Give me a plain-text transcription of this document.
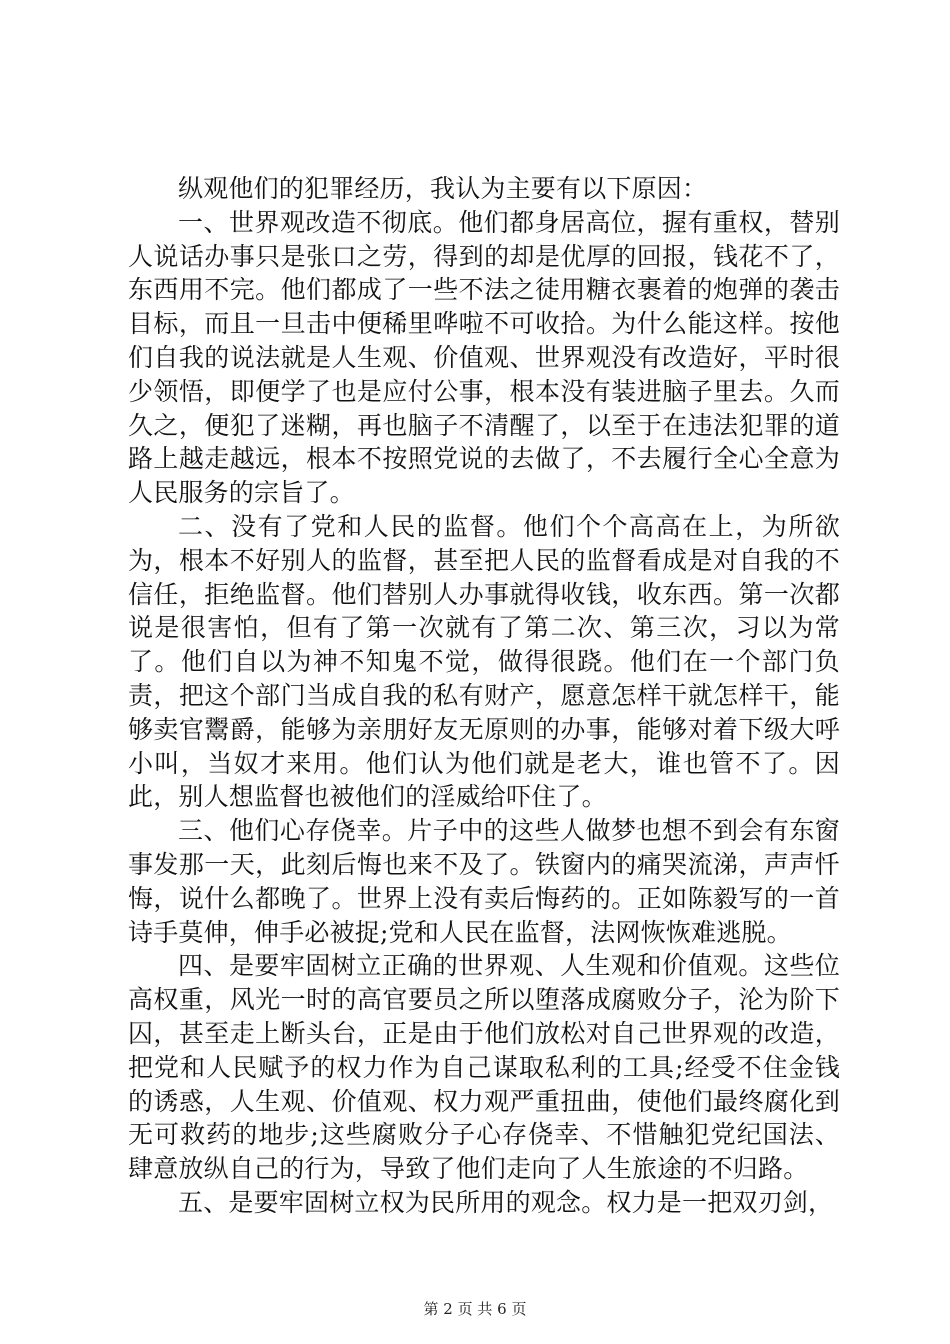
纵观他们的犯罪经历，我认为主要有以下原因：

一、世界观改造不彻底。他们都身居高位，握有重权，替别人说话办事只是张口之劳，得到的却是优厚的回报，钱花不了，东西用不完。他们都成了一些不法之徒用糖衣裹着的炮弹的袭击目标，而且一旦击中便稀里哗啦不可收拾。为什么能这样。按他们自我的说法就是人生观、价值观、世界观没有改造好，平时很少领悟，即便学了也是应付公事，根本没有装进脑子里去。久而久之，便犯了迷糊，再也脑子不清醒了，以至于在违法犯罪的道路上越走越远，根本不按照党说的去做了，不去履行全心全意为人民服务的宗旨了。

二、没有了党和人民的监督。他们个个高高在上，为所欲为，根本不好别人的监督，甚至把人民的监督看成是对自我的不信任，拒绝监督。他们替别人办事就得收钱，收东西。第一次都说是很害怕，但有了第一次就有了第二次、第三次，习以为常了。他们自以为神不知鬼不觉，做得很跷。他们在一个部门负责，把这个部门当成自我的私有财产，愿意怎样干就怎样干，能够卖官鬻爵，能够为亲朋好友无原则的办事，能够对着下级大呼小叫，当奴才来用。他们认为他们就是老大，谁也管不了。因此，别人想监督也被他们的淫威给吓住了。

三、他们心存侥幸。片子中的这些人做梦也想不到会有东窗事发那一天，此刻后悔也来不及了。铁窗内的痛哭流涕，声声忏悔，说什么都晚了。世界上没有卖后悔药的。正如陈毅写的一首诗手莫伸，伸手必被捉;党和人民在监督，法网恢恢难逃脱。

四、是要牢固树立正确的世界观、人生观和价值观。这些位高权重，风光一时的高官要员之所以堕落成腐败分子，沦为阶下囚，甚至走上断头台，正是由于他们放松对自己世界观的改造，把党和人民赋予的权力作为自己谋取私利的工具;经受不住金钱的诱惑，人生观、价值观、权力观严重扭曲，使他们最终腐化到无可救药的地步;这些腐败分子心存侥幸、不惜触犯党纪国法、肆意放纵自己的行为，导致了他们走向了人生旅途的不归路。

五、是要牢固树立权为民所用的观念。权力是一把双刃剑，

第 2 页 共 6 页
